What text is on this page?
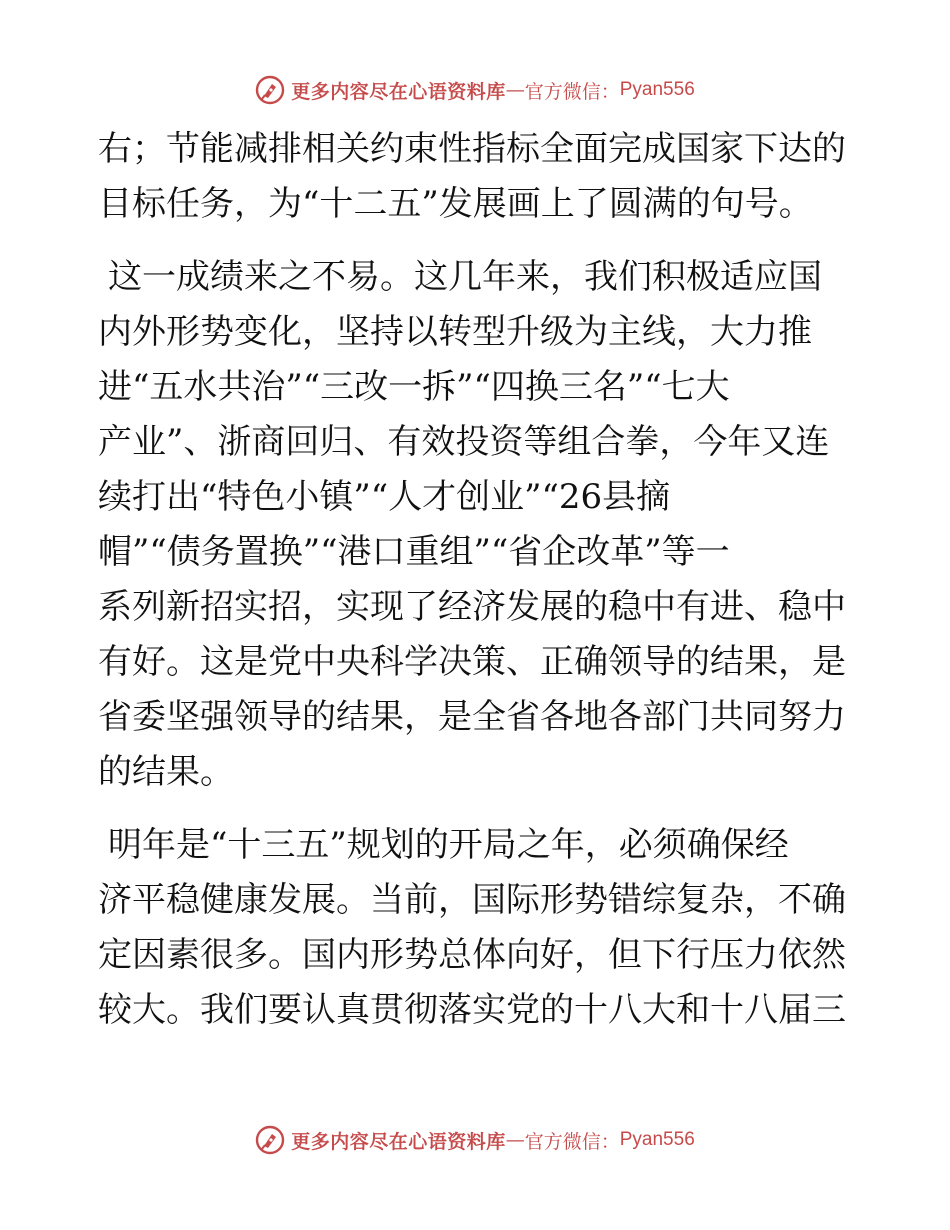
更多内容尽在心语资料库 — 官方微信： Pyan556
右；节能减排相关约束性指标全面完成国家下达的
目标任务，为“十二五”发展画上了圆满的句号。
这一成绩来之不易。这几年来，我们积极适应国
内外形势变化，坚持以转型升级为主线，大力推
进“五水共治”“三改一拆”“四换三名”“七大
产业”、浙商回归、有效投资等组合拳，今年又连
续打出“特色小镇”“人才创业”“26县摘
帽”“债务置换”“港口重组”“省企改革”等一
系列新招实招，实现了经济发展的稳中有进、稳中
有好。这是党中央科学决策、正确领导的结果，是
省委坚强领导的结果，是全省各地各部门共同努力
的结果。
明年是“十三五”规划的开局之年，必须确保经
济平稳健康发展。当前，国际形势错综复杂，不确
定因素很多。国内形势总体向好，但下行压力依然
较大。我们要认真贯彻落实党的十八大和十八届三
更多内容尽在心语资料库 — 官方微信： Pyan556
